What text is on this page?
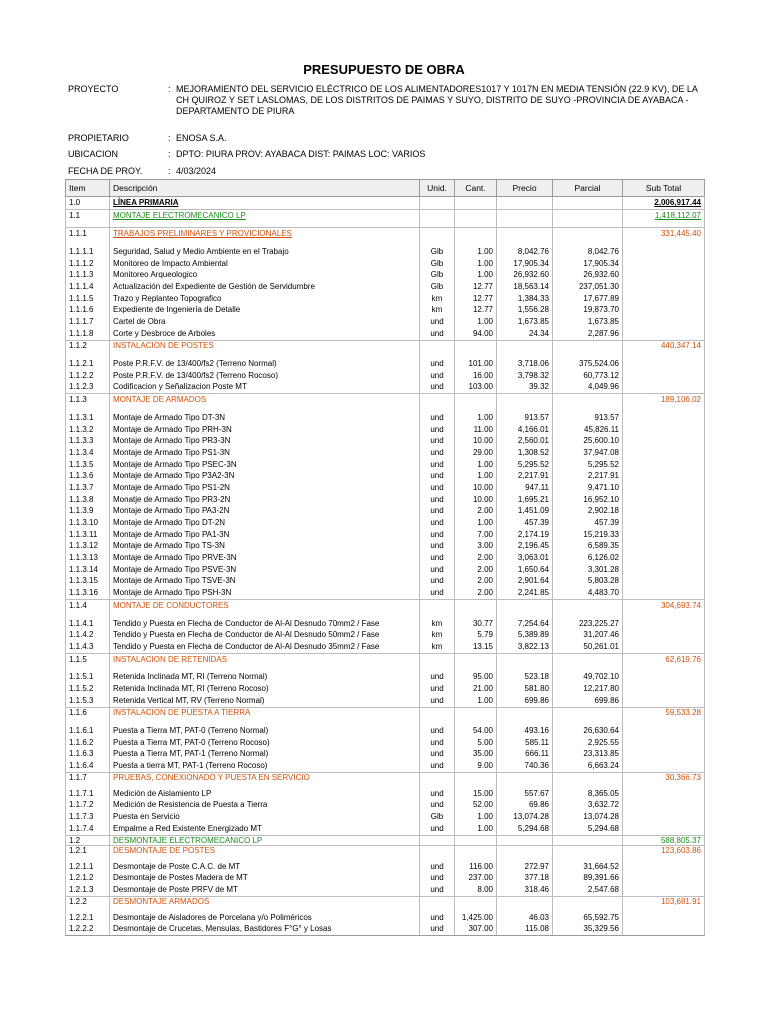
PRESUPUESTO DE OBRA
PROYECTO	: MEJORAMIENTO DEL SERVICIO ELÉCTRICO DE LOS ALIMENTADORES1017 Y 1017N EN MEDIA TENSIÓN (22.9 KV), DE LA CH QUIROZ Y SET LASLOMAS, DE LOS DISTRITOS DE PAIMAS Y SUYO, DISTRITO DE SUYO -PROVINCIA DE AYABACA - DEPARTAMENTO DE PIURA
PROPIETARIO	: ENOSA S.A.
UBICACION	: DPTO: PIURA PROV: AYABACA DIST: PAIMAS LOC: VARIOS
FECHA DE PROY.	: 4/03/2024
Item	Descripción	Unid.	Cant.	Precio	Parcial	Sub Total
1.0	LÍNEA PRIMARIA					2,006,917.44
1.1	MONTAJE ELECTROMECANICO LP					1,418,112.07

1.1.1	TRABAJOS PRELIMINARES Y PROVICIONALES					331,445.40

1.1.1.1	Seguridad, Salud y Medio Ambiente en el Trabajo	Glb	1.00	8,042.76	8,042.76	
1.1.1.2	Monitoreo de Impacto Ambiental	Glb	1.00	17,905.34	17,905.34	
1.1.1.3	Monitoreo Arqueologico	Glb	1.00	26,932.60	26,932.60	
1.1.1.4	Actualización del Expediente de Gestión de Servidumbre	Glb	12.77	18,563.14	237,051.30	
1.1.1.5	Trazo y Replanteo Topografico	km	12.77	1,384.33	17,677.89	
1.1.1.6	Expediente de Ingeniería de Detalle	km	12.77	1,556.28	19,873.70	
1.1.1.7	Cartel de Obra	und	1.00	1,673.85	1,673.85	
1.1.1.8	Corte y Desbroce de Arboles	und	94.00	24.34	2,287.96	
1.1.2	INSTALACION DE POSTES					440,347.14

1.1.2.1	Poste P.R.F.V. de 13/400/fs2 (Terreno Normal)	und	101.00	3,718.06	375,524.06	
1.1.2.2	Poste P.R.F.V. de 13/400/fs2 (Terreno Rocoso)	und	16.00	3,798.32	60,773.12	
1.1.2.3	Codificacion y Señalizacion Poste MT	und	103.00	39.32	4,049.96	
1.1.3	MONTAJE DE ARMADOS					189,106.02

1.1.3.1	Montaje de Armado Tipo DT-3N	und	1.00	913.57	913.57	
1.1.3.2	Montaje de Armado Tipo PRH-3N	und	11.00	4,166.01	45,826.11	
1.1.3.3	Montaje de Armado Tipo PR3-3N	und	10.00	2,560.01	25,600.10	
1.1.3.4	Montaje de Armado Tipo PS1-3N	und	29.00	1,308.52	37,947.08	
1.1.3.5	Montaje de Armado Tipo PSEC-3N	und	1.00	5,295.52	5,295.52	
1.1.3.6	Montaje de Armado Tipo P3A2-3N	und	1.00	2,217.91	2,217.91	
1.1.3.7	Montaje de Armado Tipo PS1-2N	und	10.00	947.11	9,471.10	
1.1.3.8	Monatje de Armado Tipo PR3-2N	und	10.00	1,695.21	16,952.10	
1.1.3.9	Montaje de Armado Tipo PA3-2N	und	2.00	1,451.09	2,902.18	
1.1.3.10	Montaje de Armado Tipo DT-2N	und	1.00	457.39	457.39	
1.1.3.11	Montaje de Armado Tipo PA1-3N	und	7.00	2,174.19	15,219.33	
1.1.3.12	Montaje de Armado Tipo TS-3N	und	3.00	2,196.45	6,589.35	
1.1.3.13	Montaje de Armado Tipo PRVE-3N	und	2.00	3,063.01	6,126.02	
1.1.3.14	Montaje de Armado Tipo PSVE-3N	und	2.00	1,650.64	3,301.28	
1.1.3.15	Montaje de Armado Tipo TSVE-3N	und	2.00	2,901.64	5,803.28	
1.1.3.16	Montaje de Armado Tipo PSH-3N	und	2.00	2,241.85	4,483.70	
1.1.4	MONTAJE DE CONDUCTORES					304,693.74

1.1.4.1	Tendido y Puesta en Flecha de Conductor de Al-Al Desnudo 70mm2 / Fase	km	30.77	7,254.64	223,225.27	
1.1.4.2	Tendido y Puesta en Flecha de Conductor de Al-Al Desnudo 50mm2 / Fase	km	5.79	5,389.89	31,207.46	
1.1.4.3	Tendido y Puesta en Flecha de Conductor de Al-Al Desnudo 35mm2 / Fase	km	13.15	3,822.13	50,261.01	
1.1.5	INSTALACION DE RETENIDAS					62,619.76

1.1.5.1	Retenida Inclinada MT, RI (Terreno Normal)	und	95.00	523.18	49,702.10	
1.1.5.2	Retenida Inclinada MT, RI (Terreno Rocoso)	und	21.00	581.80	12,217.80	
1.1.5.3	Retenida Vertical MT, RV (Terreno Normal)	und	1.00	699.86	699.86	
1.1.6	INSTALACION DE PUESTA A TIERRA					59,533.28

1.1.6.1	Puesta a Tierra MT, PAT-0 (Terreno Normal)	und	54.00	493.16	26,630.64	
1.1.6.2	Puesta a Tierra MT, PAT-0 (Terreno Rocoso)	und	5.00	585.11	2,925.55	
1.1.6.3	Puesta a Tierra MT, PAT-1 (Terreno Normal)	und	35.00	666.11	23,313.85	
1.1.6.4	Puesta a tierra MT, PAT-1 (Terreno Rocoso)	und	9.00	740.36	6,663.24	
1.1.7	PRUEBAS, CONEXIONADO Y PUESTA EN SERVICIO					30,366.73

1.1.7.1	Medición de Aislamiento LP	und	15.00	557.67	8,365.05	
1.1.7.2	Medición de Resistencia de Puesta a Tierra	und	52.00	69.86	3,632.72	
1.1.7.3	Puesta en Servicio	Glb	1.00	13,074.28	13,074.28	
1.1.7.4	Empalme a Red Existente Energizado MT	und	1.00	5,294.68	5,294.68	
1.2	DESMONTAJE ELECTROMECANICO LP					588,805.37
1.2.1	DESMONTAJE DE POSTES					123,603.86

1.2.1.1	Desmontaje de Poste C.A.C. de MT	und	116.00	272.97	31,664.52	
1.2.1.2	Desmontaje de Postes Madera de MT	und	237.00	377.18	89,391.66	
1.2.1.3	Desmontaje de Poste PRFV de MT	und	8.00	318.46	2,547.68	
1.2.2	DESMONTAJE ARMADOS					103,681.91

1.2.2.1	Desmontaje de Aisladores de Porcelana y/o Poliméricos	und	1,425.00	46.03	65,592.75	
1.2.2.2	Desmontaje de Crucetas, Mensulas, Bastidores F°G° y Losas	und	307.00	115.08	35,329.56	
